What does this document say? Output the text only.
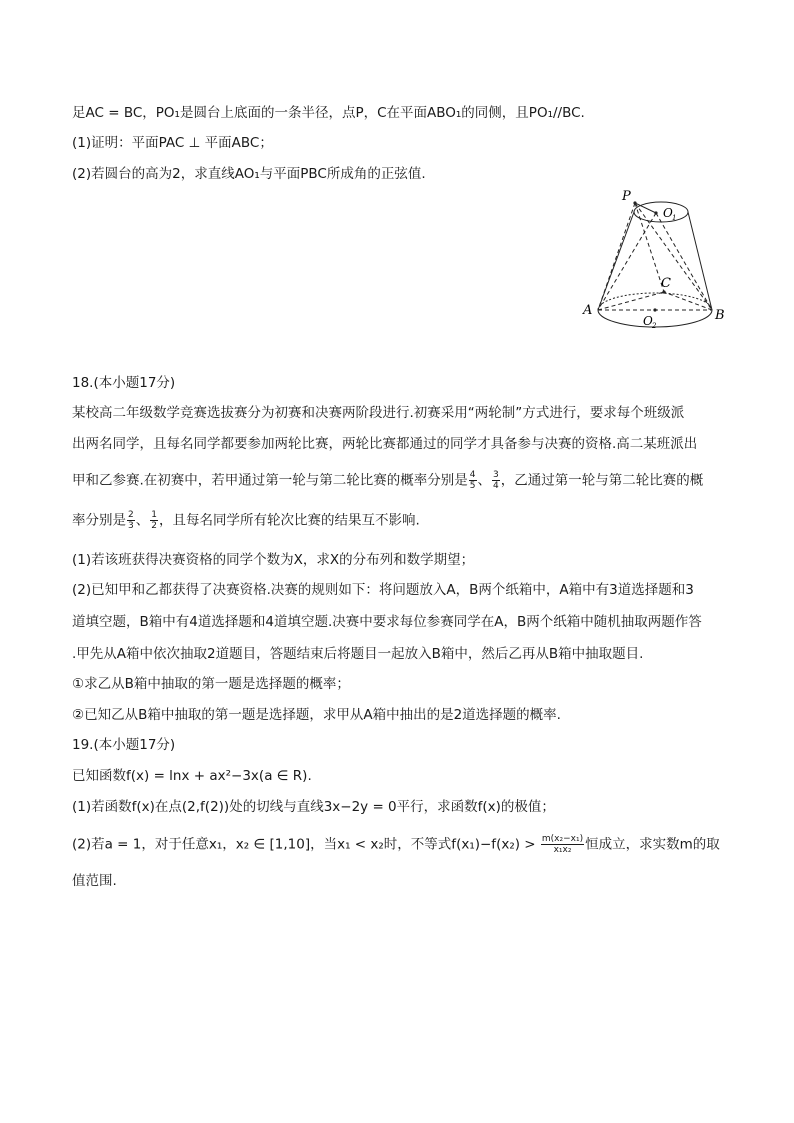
足AC = BC，PO₁是圆台上底面的一条半径，点P，C在平面ABO₁的同侧，且PO₁//BC.
(1)证明：平面PAC ⊥ 平面ABC；
(2)若圆台的高为2，求直线AO₁与平面PBC所成角的正弦值.
P
O 1
C
A	B
O 2
18.(本小题17分)
某校高二年级数学竞赛选拔赛分为初赛和决赛两阶段进行.初赛采用“两轮制”方式进行，要求每个班级派
出两名同学，且每名同学都要参加两轮比赛，两轮比赛都通过的同学才具备参与决赛的资格.高二某班派出
甲和乙参赛.在初赛中，若甲通过第一轮与第二轮比赛的概率分别是 $\frac{4}{5}$ 、 $\frac{3}{4}$ ，乙通过第一轮与第二轮比赛的概
率分别是 $\frac{2}{3}$ 、 $\frac{1}{2}$ ，且每名同学所有轮次比赛的结果互不影响.
(1)若该班获得决赛资格的同学个数为X，求X的分布列和数学期望；
(2)已知甲和乙都获得了决赛资格.决赛的规则如下：将问题放入A，B两个纸箱中，A箱中有3道选择题和3
道填空题，B箱中有4道选择题和4道填空题.决赛中要求每位参赛同学在A，B两个纸箱中随机抽取两题作答
.甲先从A箱中依次抽取2道题目，答题结束后将题目一起放入B箱中，然后乙再从B箱中抽取题目.
①求乙从B箱中抽取的第一题是选择题的概率；
②已知乙从B箱中抽取的第一题是选择题，求甲从A箱中抽出的是2道选择题的概率.
19.(本小题17分)
已知函数f(x) = lnx + ax²−3x(a ∈ R).
(1)若函数f(x)在点(2,f(2))处的切线与直线3x−2y = 0平行，求函数f(x)的极值；
(2)若a = 1，对于任意x₁，x₂ ∈ [1,10]，当x₁ < x₂时，不等式$f(x_1)-f(x_2) > \frac{\text{m(x₂−x₁)}}{\text{x₁x₂}}$ 恒成立，求实数m的取
值范围.
